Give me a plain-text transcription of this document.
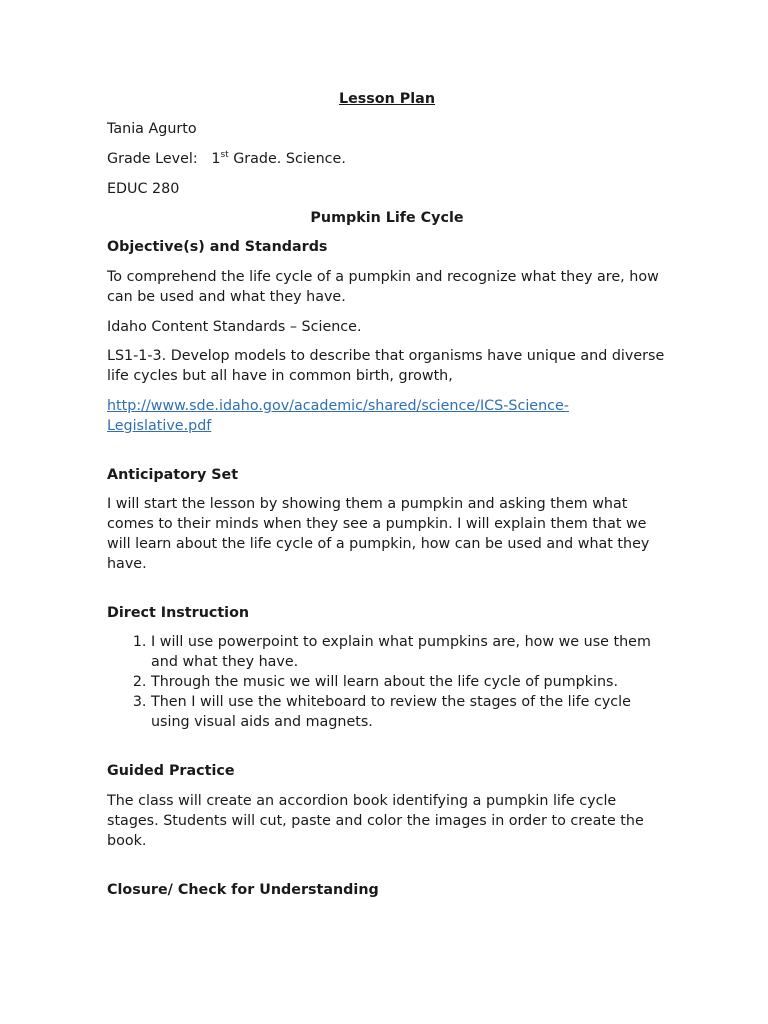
Lesson Plan

Tania Agurto

Grade Level: 1st Grade. Science.

EDUC 280

Pumpkin Life Cycle

Objective(s) and Standards

To comprehend the life cycle of a pumpkin and recognize what they are, how can be used and what they have.

Idaho Content Standards – Science.

LS1-1-3. Develop models to describe that organisms have unique and diverse life cycles but all have in common birth, growth,

http://www.sde.idaho.gov/academic/shared/science/ICS-Science-Legislative.pdf

Anticipatory Set

I will start the lesson by showing them a pumpkin and asking them what comes to their minds when they see a pumpkin. I will explain them that we will learn about the life cycle of a pumpkin, how can be used and what they have.

Direct Instruction
1. I will use powerpoint to explain what pumpkins are, how we use them and what they have.
2. Through the music we will learn about the life cycle of pumpkins.
3. Then I will use the whiteboard to review the stages of the life cycle using visual aids and magnets.
Guided Practice

The class will create an accordion book identifying a pumpkin life cycle stages. Students will cut, paste and color the images in order to create the book.

Closure/ Check for Understanding
